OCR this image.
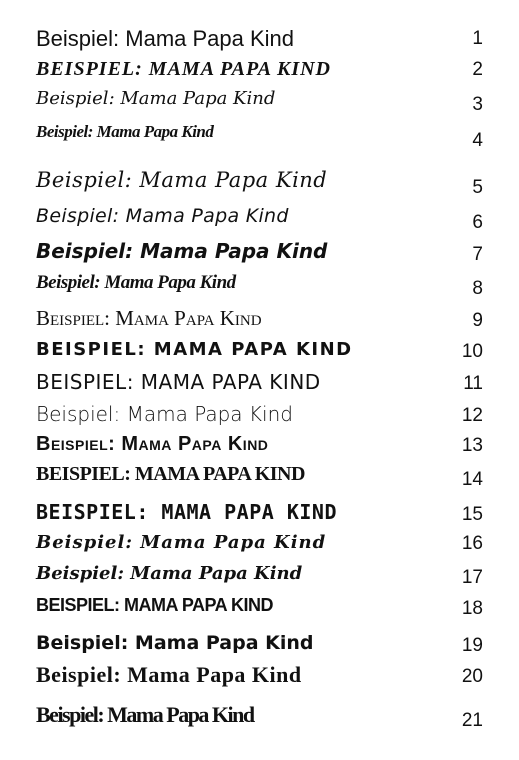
Beispiel: Mama Papa Kind	1
BEISPIEL: MAMA PAPA KIND	2
Beispiel: Mama Papa Kind	3
Beispiel: Mama Papa Kind	4
Beispiel: Mama Papa Kind	5
Beispiel: Mama Papa Kind	6
Beispiel: Mama Papa Kind	7
Beispiel: Mama Papa Kind	8
Beispiel: Mama Papa Kind	9
BEISPIEL: MAMA PAPA KIND	10
BEISPIEL: MAMA PAPA KIND	11
Beispiel: Mama Papa Kind	12
Beispiel: Mama Papa Kind	13
BEISPIEL: MAMA PAPA KIND	14
BEISPIEL: MAMA PAPA KIND	15
Beispiel: Mama Papa Kind	16
Beispiel: Mama Papa Kind	17
BEISPIEL: MAMA PAPA KIND	18
Beispiel: Mama Papa Kind	19
Beispiel: Mama Papa Kind	20
Beispiel: Mama Papa Kind	21
